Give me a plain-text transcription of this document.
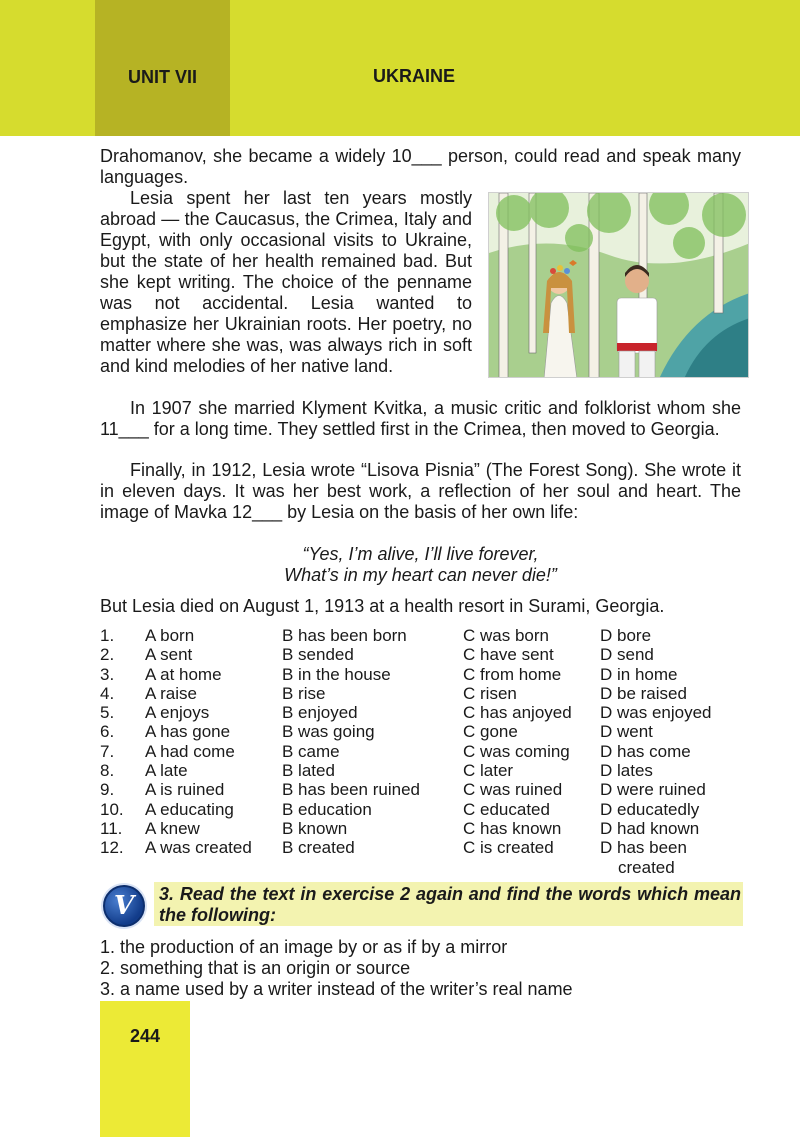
UNIT VII	UKRAINE

Drahomanov, she became a widely 10___ person, could read and speak many languages.

Lesia spent her last ten years mostly abroad — the Caucasus, the Crimea, Italy and Egypt, with only occasional visits to Ukraine, but the state of her health remained bad. But she kept writing. The choice of the penname was not accidental. Lesia wanted to emphasize her Ukrainian roots. Her poetry, no matter where she was, was always rich in soft and kind melodies of her native land.

In 1907 she married Klyment Kvitka, a music critic and folklorist whom she 11___ for a long time. They settled first in the Crimea, then moved to Georgia.

Finally, in 1912, Lesia wrote “Lisova Pisnia” (The Forest Song). She wrote it in eleven days. It was her best work, a reflection of her soul and heart. The image of Mavka 12___ by Lesia on the basis of her own life:

“Yes, I’m alive, I’ll live forever,

What’s in my heart can never die!”

But Lesia died on August 1, 1913 at a health resort in Surami, Georgia.

1.	A born	B has been born	C was born	D bore
2.	A sent	B sended	C have sent	D send
3.	A at home	B in the house	C from home	D in home
4.	A raise	B rise	C risen	D be raised
5.	A enjoys	B enjoyed	C has anjoyed	D was enjoyed
6.	A has gone	B was going	C gone	D went
7.	A had come	B came	C was coming	D has come
8.	A late	B lated	C later	D lates
9.	A is ruined	B has been ruined	C was ruined	D were ruined
10.	A educating	B education	C educated	D educatedly
11.	A knew	B known	C has known	D had known
12.	A was created	B created	C is created	D has been created
V	3. Read the text in exercise 2 again and find the words which mean the following:

1. the production of an image by or as if by a mirror
2. something that is an origin or source
3. a name used by a writer instead of the writer’s real name
244
